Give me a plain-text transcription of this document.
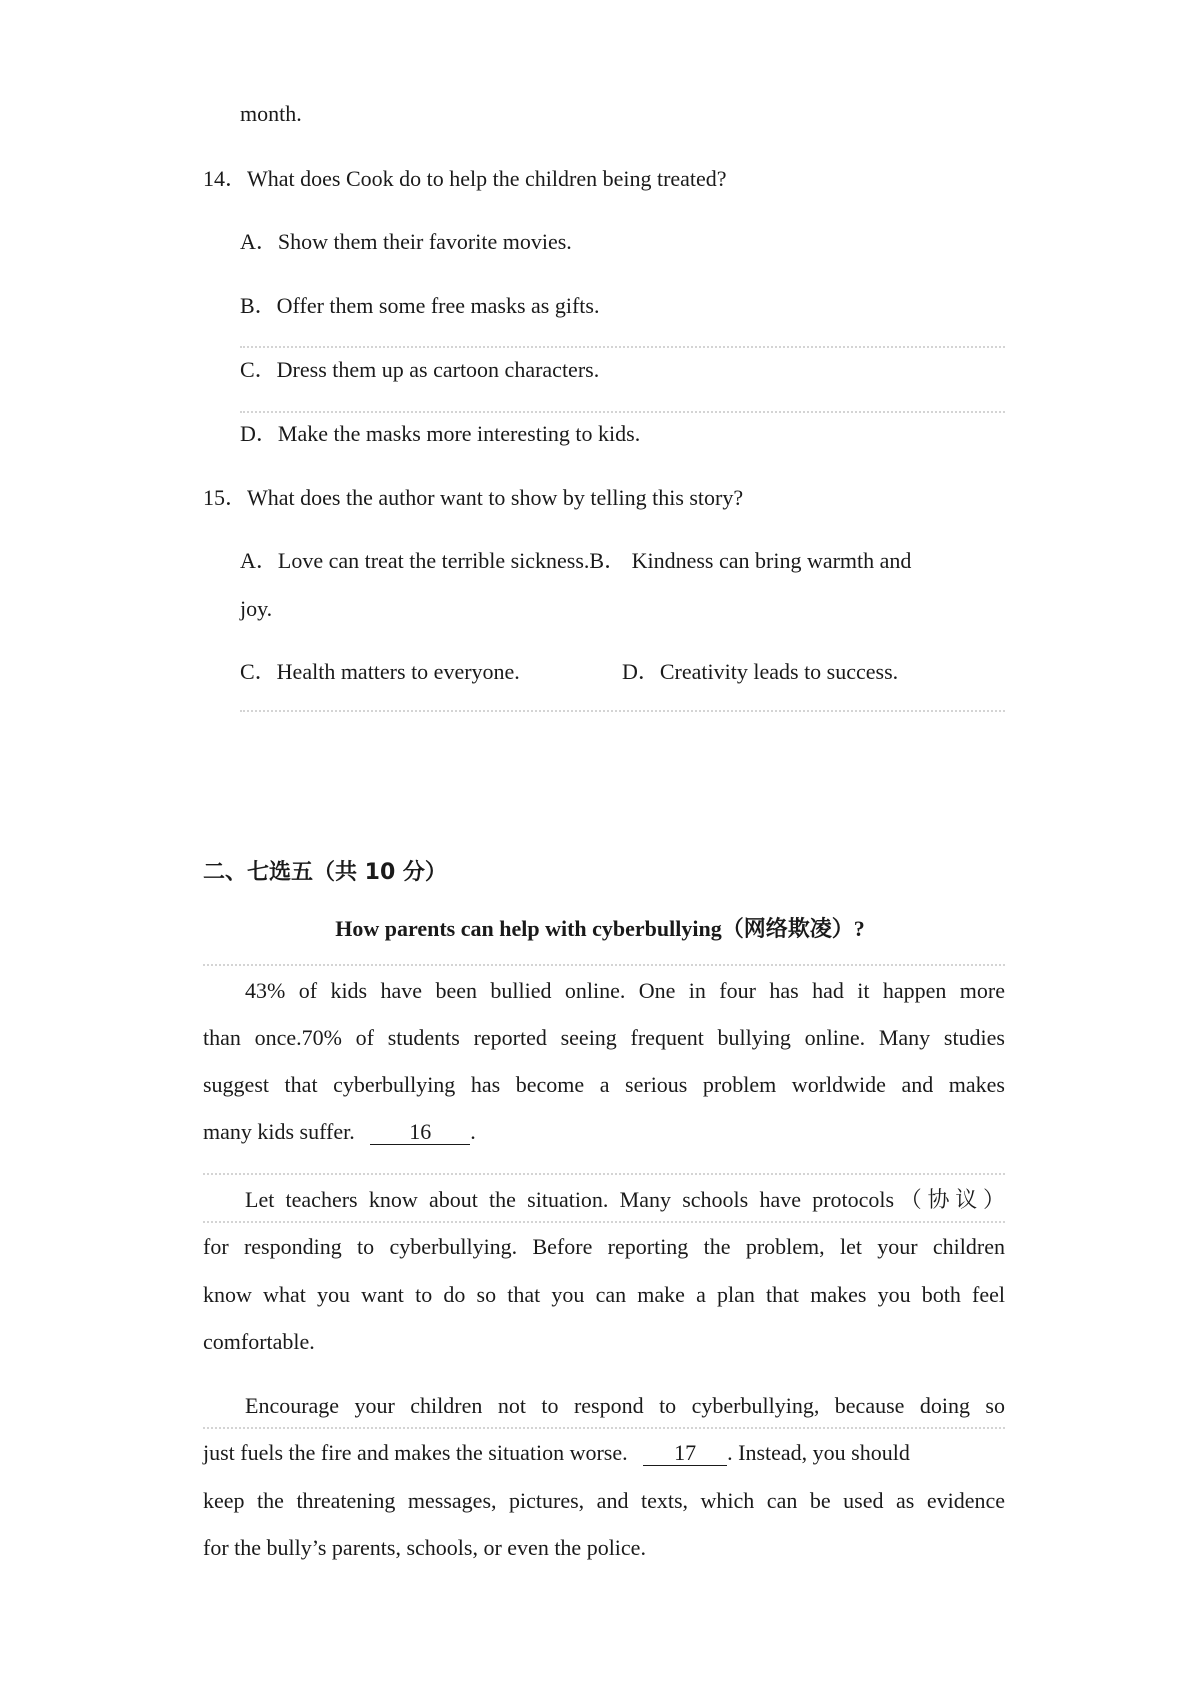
month.
14．What does Cook do to help the children being treated?
A．Show them their favorite movies.
B．Offer them some free masks as gifts.
C．Dress them up as cartoon characters.
D．Make the masks more interesting to kids.
15．What does the author want to show by telling this story?
A．Love can treat the terrible sickness.B． Kindness can bring warmth and
joy.
C．Health matters to everyone.	D．Creativity leads to success.
二、七选五（共 10 分）
How parents can help with cyberbullying（网络欺凌）?
43% of kids have been bullied online. One in four has had it happen more
than once.70% of students reported seeing frequent bullying online. Many studies
suggest that cyberbullying has become a serious problem worldwide and makes
many kids suffer. 16 .
Let teachers know about the situation. Many schools have protocols（协议）
for responding to cyberbullying. Before reporting the problem, let your children
know what you want to do so that you can make a plan that makes you both feel
comfortable.
Encourage your children not to respond to cyberbullying, because doing so
just fuels the fire and makes the situation worse. 17 . Instead, you should
keep the threatening messages, pictures, and texts, which can be used as evidence
for the bully’s parents, schools, or even the police.
